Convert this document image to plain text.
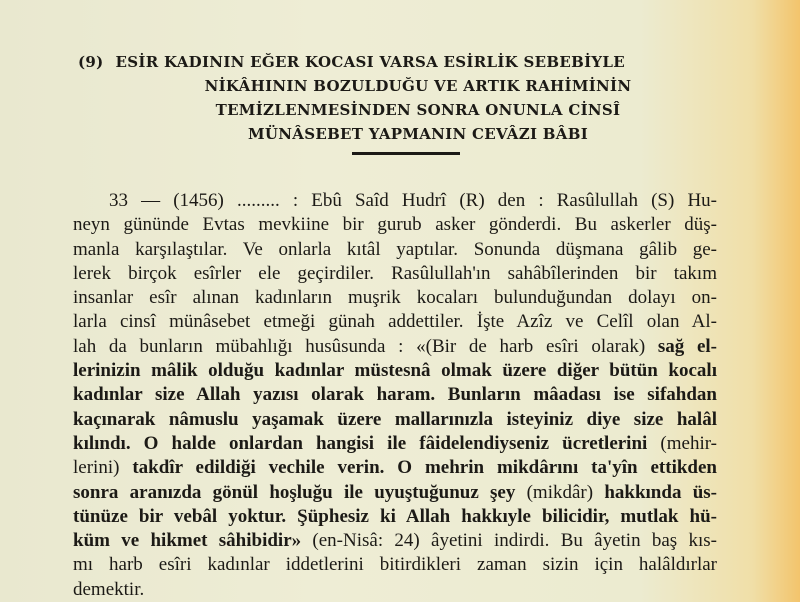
(9) ESİR KADININ EĞER KOCASI VARSA ESİRLİK SEBEBİYLE
NİKÂHININ BOZULDUĞU VE ARTIK RAHİMİNİN
TEMİZLENMESİNDEN SONRA ONUNLA CİNSÎ
MÜNÂSEBET YAPMANIN CEVÂZI BÂBI
33 — (1456) ......... : Ebû Saîd Hudrî (R) den : Rasûlullah (S) Hu-
neyn gününde Evtas mevkiine bir gurub asker gönderdi. Bu askerler düş-
manla karşılaştılar. Ve onlarla kıtâl yaptılar. Sonunda düşmana gâlib ge-
lerek birçok esîrler ele geçirdiler. Rasûlullah'ın sahâbîlerinden bir takım
insanlar esîr alınan kadınların muşrik kocaları bulunduğundan dolayı on-
larla cinsî münâsebet etmeği günah addettiler. İşte Azîz ve Celîl olan Al-
lah da bunların mübahlığı husûsunda : «(Bir de harb esîri olarak) sağ el-
lerinizin mâlik olduğu kadınlar müstesnâ olmak üzere diğer bütün kocalı
kadınlar size Allah yazısı olarak haram. Bunların mâadası ise sifahdan
kaçınarak nâmuslu yaşamak üzere mallarınızla isteyiniz diye size halâl
kılındı. O halde onlardan hangisi ile fâidelendiyseniz ücretlerini (mehir-
lerini) takdîr edildiği vechile verin. O mehrin mikdârını ta'yîn ettikden
sonra aranızda gönül hoşluğu ile uyuştuğunuz şey (mikdâr) hakkında üs-
tünüze bir vebâl yoktur. Şüphesiz ki Allah hakkıyle bilicidir, mutlak hü-
küm ve hikmet sâhibidir» (en-Nisâ: 24) âyetini indirdi. Bu âyetin baş kıs-
mı harb esîri kadınlar iddetlerini bitirdikleri zaman sizin için halâldırlar
demektir.
